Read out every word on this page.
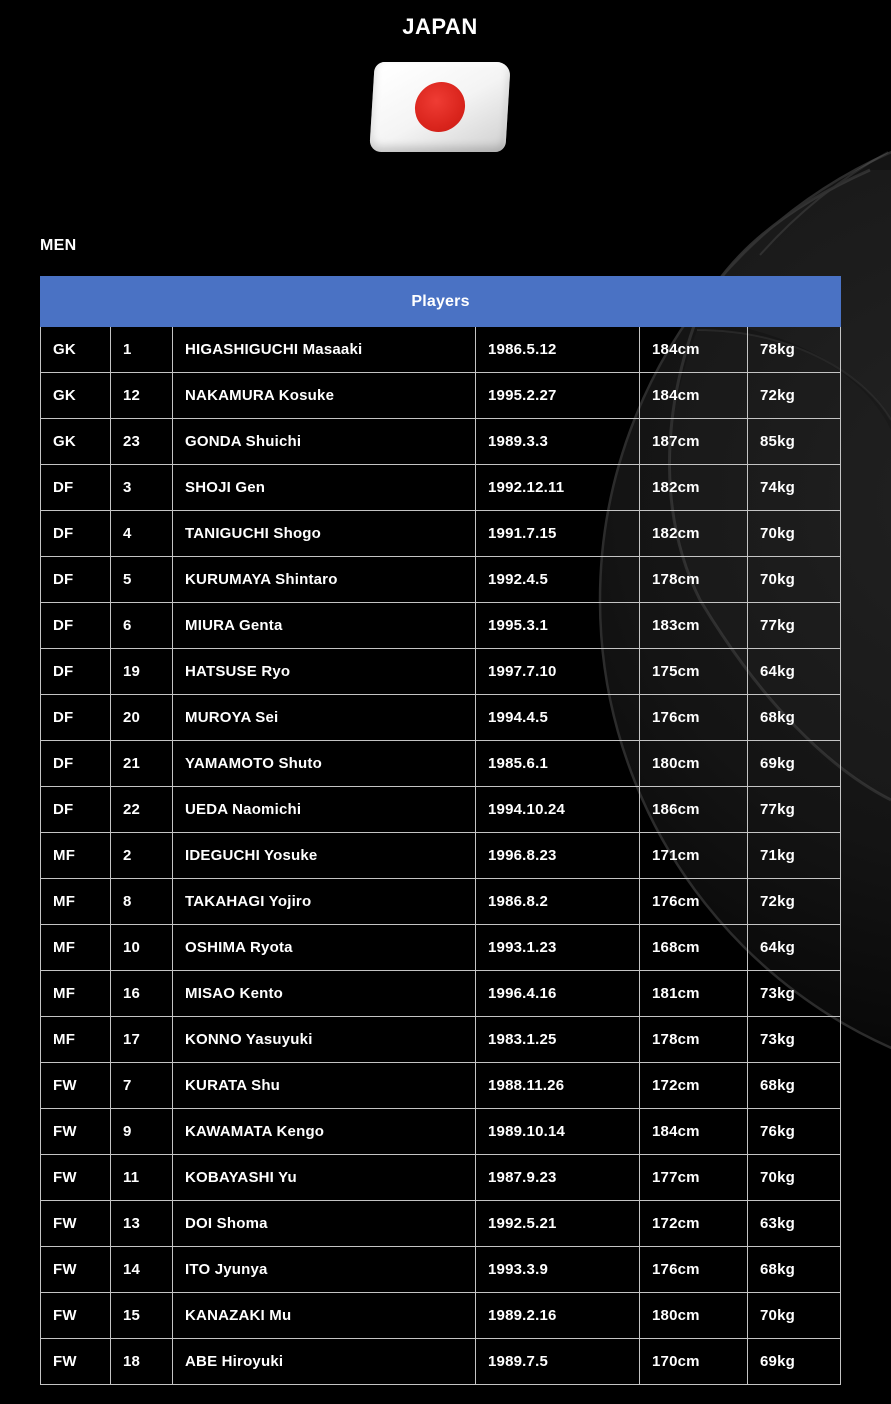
JAPAN
MEN
Players					
GK	1	HIGASHIGUCHI Masaaki	1986.5.12	184cm	78kg
GK	12	NAKAMURA Kosuke	1995.2.27	184cm	72kg
GK	23	GONDA Shuichi	1989.3.3	187cm	85kg
DF	3	SHOJI Gen	1992.12.11	182cm	74kg
DF	4	TANIGUCHI Shogo	1991.7.15	182cm	70kg
DF	5	KURUMAYA Shintaro	1992.4.5	178cm	70kg
DF	6	MIURA Genta	1995.3.1	183cm	77kg
DF	19	HATSUSE Ryo	1997.7.10	175cm	64kg
DF	20	MUROYA Sei	1994.4.5	176cm	68kg
DF	21	YAMAMOTO Shuto	1985.6.1	180cm	69kg
DF	22	UEDA Naomichi	1994.10.24	186cm	77kg
MF	2	IDEGUCHI Yosuke	1996.8.23	171cm	71kg
MF	8	TAKAHAGI Yojiro	1986.8.2	176cm	72kg
MF	10	OSHIMA Ryota	1993.1.23	168cm	64kg
MF	16	MISAO Kento	1996.4.16	181cm	73kg
MF	17	KONNO Yasuyuki	1983.1.25	178cm	73kg
FW	7	KURATA Shu	1988.11.26	172cm	68kg
FW	9	KAWAMATA Kengo	1989.10.14	184cm	76kg
FW	11	KOBAYASHI Yu	1987.9.23	177cm	70kg
FW	13	DOI Shoma	1992.5.21	172cm	63kg
FW	14	ITO Jyunya	1993.3.9	176cm	68kg
FW	15	KANAZAKI Mu	1989.2.16	180cm	70kg
FW	18	ABE Hiroyuki	1989.7.5	170cm	69kg
